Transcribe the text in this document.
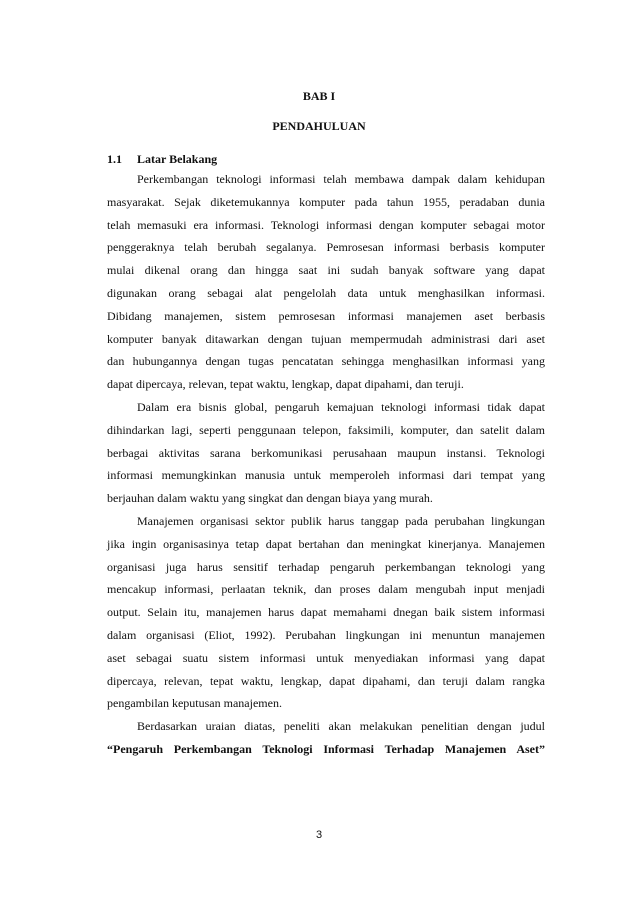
BAB I
PENDAHULUAN
1.1 Latar Belakang
Perkembangan teknologi informasi telah membawa dampak dalam kehidupan
masyarakat. Sejak diketemukannya komputer pada tahun 1955, peradaban dunia
telah memasuki era informasi. Teknologi informasi dengan komputer sebagai motor
penggeraknya telah berubah segalanya. Pemrosesan informasi berbasis komputer
mulai dikenal orang dan hingga saat ini sudah banyak software yang dapat
digunakan orang sebagai alat pengelolah data untuk menghasilkan informasi.
Dibidang manajemen, sistem pemrosesan informasi manajemen aset berbasis
komputer banyak ditawarkan dengan tujuan mempermudah administrasi dari aset
dan hubungannya dengan tugas pencatatan sehingga menghasilkan informasi yang
dapat dipercaya, relevan, tepat waktu, lengkap, dapat dipahami, dan teruji.
Dalam era bisnis global, pengaruh kemajuan teknologi informasi tidak dapat
dihindarkan lagi, seperti penggunaan telepon, faksimili, komputer, dan satelit dalam
berbagai aktivitas sarana berkomunikasi perusahaan maupun instansi. Teknologi
informasi memungkinkan manusia untuk memperoleh informasi dari tempat yang
berjauhan dalam waktu yang singkat dan dengan biaya yang murah.
Manajemen organisasi sektor publik harus tanggap pada perubahan lingkungan
jika ingin organisasinya tetap dapat bertahan dan meningkat kinerjanya. Manajemen
organisasi juga harus sensitif terhadap pengaruh perkembangan teknologi yang
mencakup informasi, perlaatan teknik, dan proses dalam mengubah input menjadi
output. Selain itu, manajemen harus dapat memahami dnegan baik sistem informasi
dalam organisasi (Eliot, 1992). Perubahan lingkungan ini menuntun manajemen
aset sebagai suatu sistem informasi untuk menyediakan informasi yang dapat
dipercaya, relevan, tepat waktu, lengkap, dapat dipahami, dan teruji dalam rangka
pengambilan keputusan manajemen.
Berdasarkan uraian diatas, peneliti akan melakukan penelitian dengan judul
“Pengaruh Perkembangan Teknologi Informasi Terhadap Manajemen Aset”
3
